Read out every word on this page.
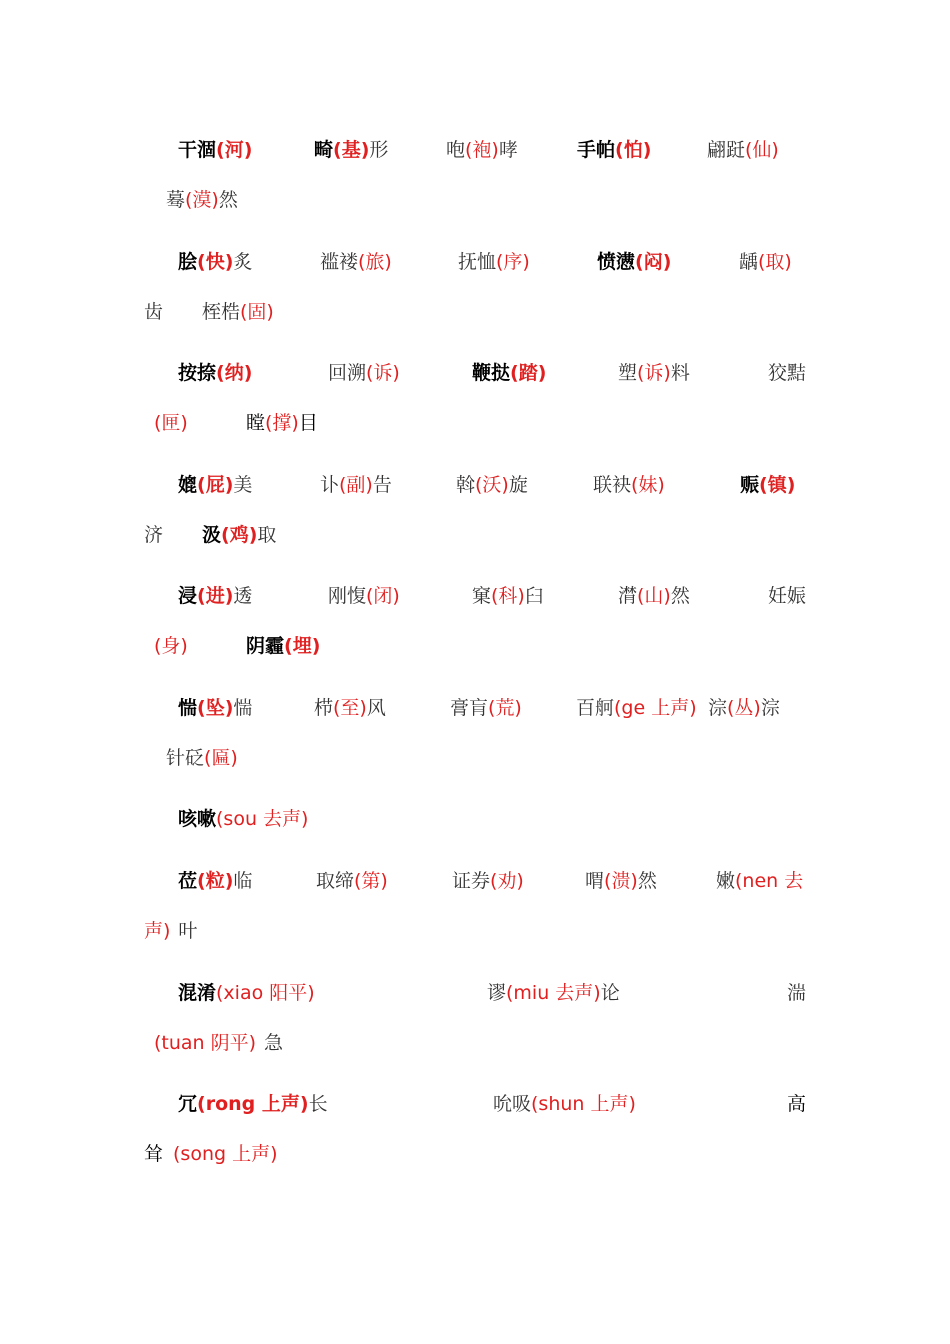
干涸(河)	畸(基)形	咆(袍)哮	手帕(怕)	翩跹(仙)
蓦(漠)然
脍(快)炙	褴褛(旅)	抚恤(序)	愤懑(闷)	龋(取)
齿 桎梏(固)
按捺(纳)	回溯(诉)	鞭挞(踏)	塑(诉)料	狡黠
(匣)	瞠(撑)目
媲(屁)美	讣(副)告	斡(沃)旋	联袂(妹)	赈(镇)
济 汲(鸡)取
浸(进)透	刚愎(闭)	窠(科)臼	潸(山)然	妊娠
(身)	阴霾(埋)
惴(坠)惴	栉(至)风	膏肓(荒)	百舸(ge 上声) 淙(丛)淙
针砭(匾)
咳嗽(sou 去声)
莅(粒)临	取缔(第)	证券(劝)	喟(溃)然	嫩(nen 去
声) 叶
混淆(xiao 阳平)	谬(miu 去声)论	湍
(tuan 阴平) 急
冗(rong 上声)长	吮吸(shun 上声)	高
耸 (song 上声)
